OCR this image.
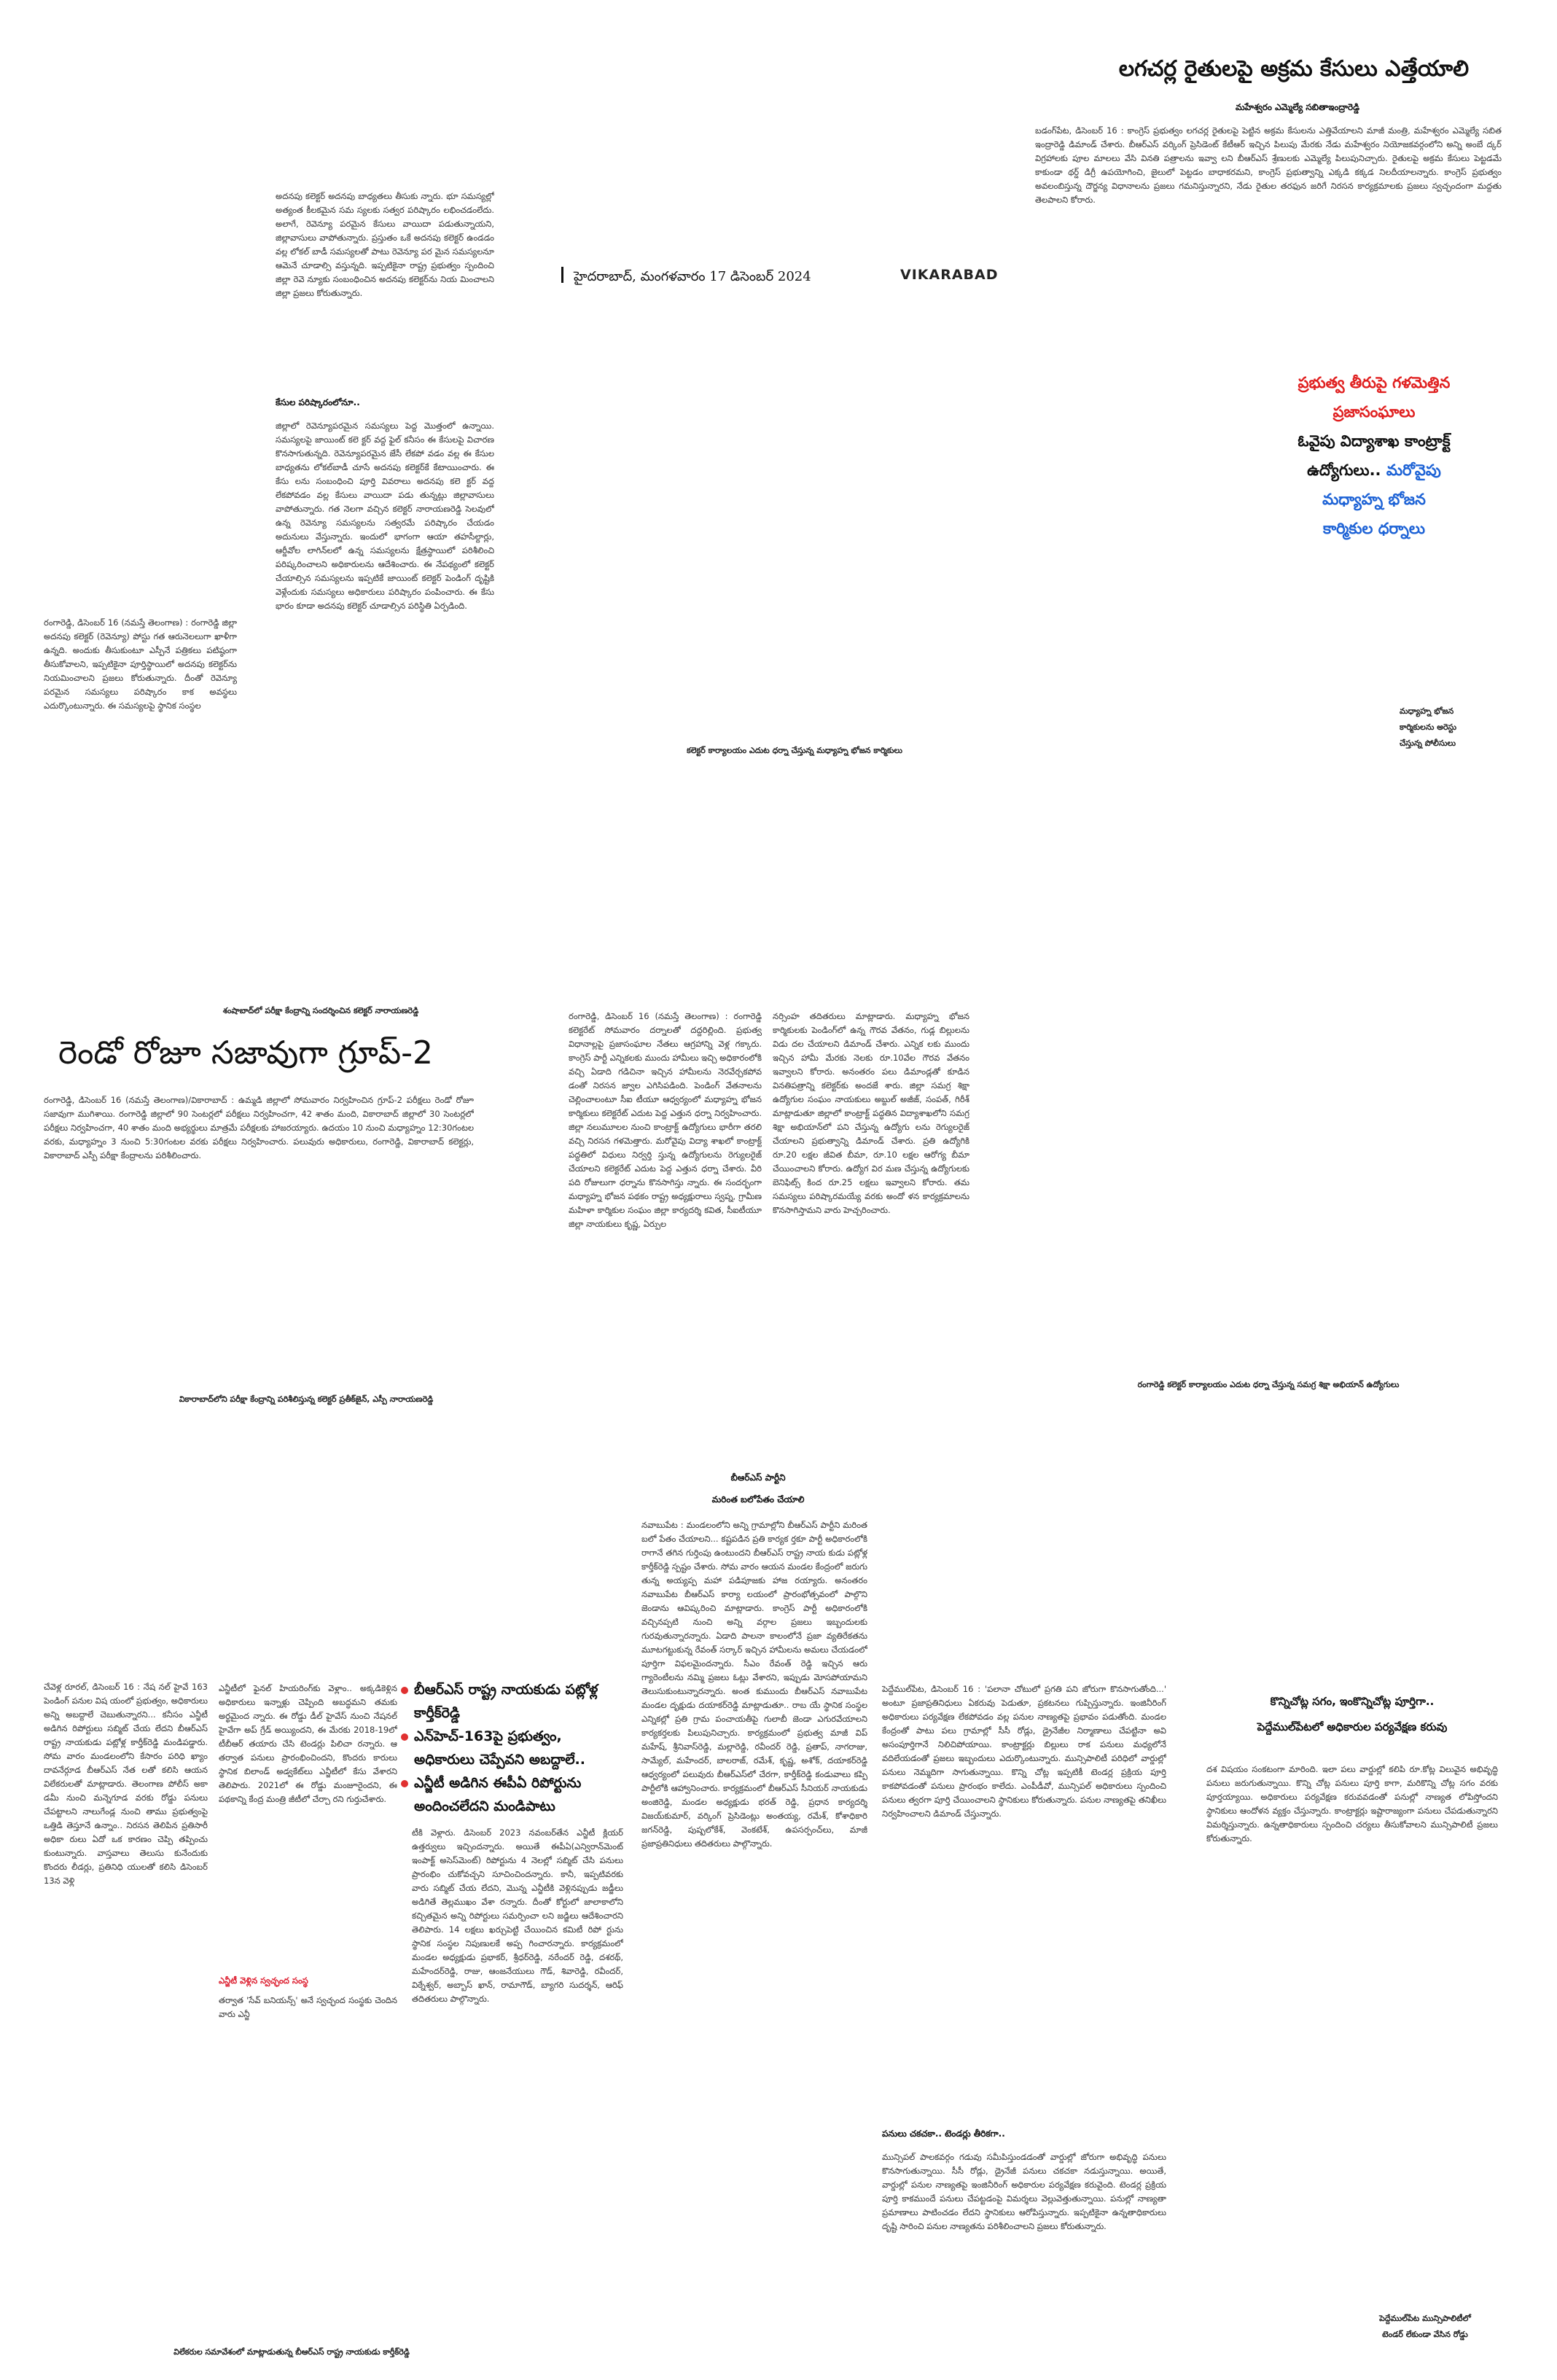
లగచర్ల రైతులపై అక్రమ కేసులు ఎత్తేయాలి
మహేశ్వరం ఎమ్మెల్యే సబితాఇంద్రారెడ్డి
బడంగ్‌పేట, డిసెంబర్ 16 : కాంగ్రెస్ ప్రభుత్వం లగచర్ల రైతులపై పెట్టిన అక్రమ కేసులను ఎత్తివేయాలని మాజీ మంత్రి, మహేశ్వరం ఎమ్మెల్యే సబిత ఇంద్రారెడ్డి డిమాండ్ చేశారు. బీఆర్‌ఎస్ వర్కింగ్ ప్రెసిడెంట్ కేటీఆర్ ఇచ్చిన పిలుపు మేరకు నేడు మహేశ్వరం నియోజకవర్గంలోని అన్ని అంబే ద్కర్ విగ్రహాలకు పూల మాలలు వేసి వినతి పత్రాలను ఇవ్వా లని బీఆర్‌ఎస్ శ్రేణులకు ఎమ్మెల్యే పిలుపునిచ్చారు. రైతులపై అక్రమ కేసులు పెట్టడమే కాకుండా థర్డ్ డిగ్రీ ఉపయోగించి, జైలులో పెట్టడం బాధాకరమని, కాంగ్రెస్ ప్రభుత్వాన్ని ఎక్కడి కక్కడ నిలదీయాలన్నారు. కాంగ్రెస్ ప్రభుత్వం అవలంబిస్తున్న దౌర్జన్య విధానాలను ప్రజలు గమనిస్తున్నారని, నేడు రైతుల తరఫున జరిగే నిరసన కార్యక్రమాలకు ప్రజలు స్వచ్ఛందంగా మద్దతు తెలపాలని కోరారు.
రంగారెడ్డి, డిసెంబర్ 16 (నమస్తే తెలంగాణ) : రంగారెడ్డి జిల్లా అదనపు కలెక్టర్ (రెవెన్యూ) పోస్టు గత ఆరునెలలుగా ఖాళీగా ఉన్నది. అందుకు తీసుకుంటూ ఎస్పీనే పత్రికలు పటిష్ఠంగా తీసుకోవాలని, ఇప్పటికైనా పూర్తిస్థాయిలో అదనపు కలెక్టర్‌ను నియమించాలని ప్రజలు కోరుతున్నారు. దీంతో రెవెన్యూ పరమైన సమస్యలు పరిష్కారం కాక అవస్థలు ఎదుర్కొంటున్నారు. ఈ సమస్యలపై స్థానిక సంస్థల
అదనపు కలెక్టర్ అదనపు బాధ్యతలు తీసుకు న్నారు. భూ సమస్యల్లో అత్యంత కీలకమైన సమ స్యలకు సత్వర పరిష్కారం లభించడంలేదు. అలాగే, రెవెన్యూ పరమైన కేసులు వాయిదా పడుతున్నాయని, జిల్లావాసులు వాపోతున్నారు. ప్రస్తుతం ఒకే అదనపు కలెక్టర్ ఉండడం వల్ల లోకల్ బాడీ సమస్యలతో పాటు రెవెన్యూ పర మైన సమస్యలనూ ఆమెనే చూడాల్సి వస్తున్నది. ఇప్పటికైనా రాష్ట్ర ప్రభుత్వం స్పందించి జిల్లా రెవె న్యూకు సంబంధించిన అదనపు కలెక్టర్‌ను నియ మించాలని జిల్లా ప్రజలు కోరుతున్నారు.
కేసుల పరిష్కారంలోనూ..
జిల్లాలో రెవెన్యూపరమైన సమస్యలు పెద్ద మొత్తంలో ఉన్నాయి. సమస్యలపై జాయింట్ కలె క్టర్ వద్ద ఫైల్ కనీసం ఈ కేసులపై విచారణ కొనసాగుతున్నది. రెవెన్యూపరమైన జేసీ లేకపో వడం వల్ల ఈ కేసుల బాధ్యతను లోకల్‌బాడీ చూసే అదనపు కలెక్టర్‌కే కేటాయించారు. ఈ కేసు లను సంబంధించి పూర్తి వివరాలు అదనపు కలె క్టర్ వద్ద లేకపోవడం వల్ల కేసులు వాయిదా పడు తున్నట్లు జిల్లావాసులు వాపోతున్నారు. గత నెలగా వచ్చిన కలెక్టర్ నారాయణరెడ్డి సెలవులో ఉన్న రెవెన్యూ సమస్యలను సత్వరమే పరిష్కారం చేయడం అదునులు వేస్తున్నారు. ఇందులో భాగంగా ఆయా తహసీల్దార్లు, ఆర్డీవోల లాగిన్‌లలో ఉన్న సమస్యలను క్షేత్రస్థాయిలో పరిశీలించి పరిష్కరించాలని అధికారులను ఆదేశించారు. ఈ నేపథ్యంలో కలెక్టర్ చేయాల్సిన సమస్యలను ఇప్పటికే జాయింట్ కలెక్టర్ పెండింగ్ దృష్టికి వెళ్లేందుకు సమస్యలు అధికారులు పరిష్కారం పంపించారు. ఈ కేసు భారం కూడా అదనపు కలెక్టర్ చూడాల్సిన పరిస్థితి ఏర్పడింది.
హైదరాబాద్, మంగళవారం 17 డిసెంబర్ 2024	VIKARABAD
కలెక్టర్ కార్యాలయం ఎదుట ధర్నా చేస్తున్న మధ్యాహ్న భోజన కార్మికులు
ప్రభుత్వ తీరుపై గళమెత్తిన
ప్రజాసంఘాలు
ఓవైపు విద్యాశాఖ కాంట్రాక్ట్
ఉద్యోగులు.. మరోవైపు
మధ్యాహ్న భోజన
కార్మికుల ధర్నాలు
మధ్యాహ్న భోజన
కార్మికులను అరెస్టు
చేస్తున్న పోలీసులు
శంషాబాద్‌లో పరీక్షా కేంద్రాన్ని సందర్శించిన కలెక్టర్ నారాయణరెడ్డి
రెండో రోజూ సజావుగా గ్రూప్-2
రంగారెడ్డి, డిసెంబర్ 16 (నమస్తే తెలంగాణ)/వికారాబాద్ : ఉమ్మడి జిల్లాలో సోమవారం నిర్వహించిన గ్రూప్-2 పరీక్షలు రెండో రోజూ సజావుగా ముగిశాయి. రంగారెడ్డి జిల్లాలో 90 సెంటర్లలో పరీక్షలు నిర్వహించగా, 42 శాతం మంది, వికారాబాద్ జిల్లాలో 30 సెంటర్లలో పరీక్షలు నిర్వహించగా, 40 శాతం మంది అభ్యర్థులు మాత్రమే పరీక్షలకు హాజరయ్యారు. ఉదయం 10 నుంచి మధ్యాహ్నం 12:30గంటల వరకు, మధ్యాహ్నం 3 నుంచి 5:30గంటల వరకు పరీక్షలు నిర్వహించారు. పలువురు అధికారులు, రంగారెడ్డి, వికారాబాద్ కలెక్టర్లు, వికారాబాద్ ఎస్పీ పరీక్షా కేంద్రాలను పరిశీలించారు.
వికారాబాద్‌లోని పరీక్షా కేంద్రాన్ని పరిశీలిస్తున్న కలెక్టర్ ప్రతీక్‌జైన్, ఎస్పీ నారాయణరెడ్డి
రంగారెడ్డి, డిసెంబర్ 16 (నమస్తే తెలంగాణ) : రంగారెడ్డి కలెక్టరేట్ సోమవారం దర్నాలతో దద్దరిల్లింది. ప్రభుత్వ విధానాల్లపై ప్రజాసంఘాల నేతలు ఆగ్రహాన్ని వెళ్ల గక్కారు. కాంగ్రెస్ పార్టీ ఎన్నికలకు ముందు హామీలు ఇచ్చి అధికారంలోకి వచ్చి ఏడాది గడిచినా ఇచ్చిన హామీలను నెరవేర్చకపోవ డంతో నిరసన జ్వాల ఎగిసిపడింది. పెండింగ్ వేతనాలను చెల్లించాలంటూ సీఐ టీయూ ఆధ్వర్యంలో మధ్యాహ్న భోజన కార్మికులు కలెక్టరేట్ ఎదుట పెద్ద ఎత్తున ధర్నా నిర్వహించారు. జిల్లా నలుమూలల నుంచి కాంట్రాక్ట్ ఉద్యోగులు భారీగా తరలి వచ్చి నిరసన గళమెత్తారు. మరోవైపు విద్యా శాఖలో కాంట్రాక్ట్ పద్ధతిలో విధులు నిర్వర్తి స్తున్న ఉద్యోగులను రెగ్యులరైజ్ చేయాలని కలెక్టరేట్ ఎదుట పెద్ద ఎత్తున ధర్నా చేశారు. వీరి పది రోజులుగా ధర్నాను కొనసాగిస్తు న్నారు. ఈ సందర్భంగా మధ్యాహ్న భోజన పథకం రాష్ట్ర అధ్యక్షురాలు స్వప్న, గ్రామీణ మహిళా కార్మికుల సంఘం జిల్లా కార్యదర్శి కవిత, సీఐటీయూ జిల్లా నాయకులు కృష్ణ, ఏర్పుల
నర్సింహ తదితరులు మాట్లాడారు. మధ్యాహ్న భోజన కార్మికులకు పెండింగ్‌లో ఉన్న గౌరవ వేతనం, గుడ్ల బిల్లులను విడు దల చేయాలని డిమాండ్ చేశారు. ఎన్నిక లకు ముందు ఇచ్చిన హామీ మేరకు నెలకు రూ.10వేల గౌరవ వేతనం ఇవ్వాలని కోరారు. అనంతరం పలు డిమాండ్లతో కూడిన వినతిపత్రాన్ని కలెక్టర్‌కు అందజే శారు. జిల్లా సమగ్ర శిక్షా ఉద్యోగుల సంఘం నాయకులు అబ్దుల్ అజీజ్, సంపత్, గిరీశ్ మాట్లాడుతూ జిల్లాలో కాంట్రాక్ట్ పద్ధతిన విద్యాశాఖలోని సమగ్ర శిక్షా అభియాన్‌లో పని చేస్తున్న ఉద్యోగు లను రెగ్యులరైజ్ చేయాలని ప్రభుత్వాన్ని డిమాండ్ చేశారు. ప్రతి ఉద్యోగికి రూ.20 లక్షల జీవిత బీమా, రూ.10 లక్షల ఆరోగ్య బీమా చేయించాలని కోరారు. ఉద్యోగ విర మణ చేస్తున్న ఉద్యోగులకు బెనిఫిట్స్ కింద రూ.25 లక్షలు ఇవ్వాలని కోరారు. తమ సమస్యలు పరిష్కారమయ్యే వరకు అందో ళన కార్యక్రమాలను కొనసాగిస్తామని వారు హెచ్చరించారు.
రంగారెడ్డి కలెక్టర్ కార్యాలయం ఎదుట ధర్నా చేస్తున్న సమగ్ర శిక్షా అభియాన్ ఉద్యోగులు
చేవెళ్ల రూరల్, డిసెంబర్ 16 : నేష నల్ హైవే 163 పెండింగ్ పనుల విష యంలో ప్రభుత్వం, అధికారులు అన్ని అబద్దాలే చెబుతున్నారని... కనీసం ఎన్జీటీ అడిగిన రిపోర్టులు సబ్మిట్ చేయ లేదని బీఆర్‌ఎస్ రాష్ట్ర నాయకుడు పట్లోళ్ల కార్తీక్‌రెడ్డి మండిపడ్డారు. సోమ వారం మండలంలోని కేసారం పరిధి ఖ్యాం దావనేర్గూడ బీఆర్‌ఎస్ నేత లతో కలిసి ఆయన విలేకరులతో మాట్లాడారు. తెలంగాణ పోలీస్ అకా డమీ నుంచి మన్నెగూడ వరకు రోడ్డు పనులు చేపట్టాలని నాలుగేండ్ల నుంచి తాము ప్రభుత్వంపై ఒత్తిడి తెస్తూనే ఉన్నాం.. నిరసన తెలిపిన ప్రతిసారీ అధికా రులు ఏదో ఒక కారణం చెప్పి తప్పించు కుంటున్నారు. వాస్తవాలు తెలుసు కునేందుకు కొందరు లీడర్లు, ప్రతినిధి యులతో కలిసి డిసెంబర్ 13న వెళ్లి
ఎన్జీటీలో ఫైనల్ హియరింగ్‌కు వెళ్లాం.. అక్కడికెళ్లిన అధికారులు ఇన్నాళ్లు చెప్పింది అబద్ధమని తమకు అర్థమైంద న్నారు. ఈ రోడ్డు డీల్ హైవేస్ నుంచి నేషనల్ హైవేగా అప్ గ్రేడ్ అయ్యిందని, ఈ మేరకు 2018-19లో టీబీఆర్ తయారు చేసి టెండర్లు పిలిచా రన్నారు. ఆ తర్వాత పనులు ప్రారంభించిందని, కొందరు కారులు స్థానిక బిలాండ్ అడ్వకేట్‌లు ఎన్జీటీలో కేసు వేశారని తెలిపారు. 2021లో ఈ రోడ్డు మంజూరైందని, ఈ పథకాన్ని కేంద్ర మంత్రి జీటీలో చేర్చా రని గుర్తుచేశారు.
ఎన్జీటీ వెళ్లిన స్వచ్ఛంద సంస్థ
తర్వాత 'సేవ్ బనియన్స్' అనే స్వచ్ఛంద సంస్థకు చెందిన వారు ఎన్జీ
బీఆర్‌ఎస్ రాష్ట్ర నాయకుడు పట్లోళ్ల కార్తీక్‌రెడ్డి
ఎన్‌హెచ్-163పై ప్రభుత్వం, అధికారులు చెప్పేవని అబద్దాలే..
ఎన్జీటీ అడిగిన ఈపీఏ రిపోర్టును అందించలేదని మండిపాటు
టీకి వెళ్లారు. డిసెంబర్ 2023 నవంబర్‌తేన ఎన్జీటీ క్లియర్ ఉత్తర్వులు ఇచ్చిందన్నారు. అయితే ఈపీఏ(ఎన్విరాన్‌మెంట్ ఇంపాక్ట్ అసెస్‌మెంట్) రిపోర్టును 4 నెలల్లో సబ్మిట్ చేసి పనులు ప్రారంభిం చుకోవచ్చని సూచించిందన్నారు. కానీ, ఇప్పటివరకు వారు సబ్మిట్ చేయ లేదని, మొన్న ఎన్జీటీకి వెళ్లినప్పుడు జడ్జీలు అడిగితే తెల్లముఖం వేశా రన్నారు. దీంతో కోర్టులో జాలాకాలోని కచ్చితమైన అన్ని రిపోర్టులు సమర్పించా లని జడ్జిలు ఆదేశించారని తెలిపారు. 14 లక్షలు ఖర్చుపెట్టి చేయించిన కమిటీ రిపో ర్టును స్థానిక సంస్థల నిపుణులకే అప్ప గించారన్నారు. కార్యక్రమంలో మండల అధ్యక్షుడు ప్రభాకర్, శ్రీధర్‌రెడ్డి, నరేందర్ రెడ్డి, దశరథ్, మహేందర్‌రెడ్డి, రాజు, ఆంజనేయులు గౌడ్, శివారెడ్డి, రవీందర్, విఠ్నేశ్వర్, అబ్బాస్ ఖాన్, రామాగౌడ్, బ్యాగరి సుదర్శన్, ఆరిఫ్ తదితరులు పాల్గొన్నారు.
విలేకరుల సమావేశంలో మాట్లాడుతున్న బీఆర్‌ఎస్ రాష్ట్ర నాయకుడు కార్తీక్‌రెడ్డి
బీఆర్‌ఎస్ పార్టీని
మరింత బలోపేతం చేయాలి
నవాబుపేట : మండలంలోని అన్ని గ్రామాల్లోని బీఆర్‌ఎస్ పార్టీని మరింత బలో పేతం చేయాలని... కష్టపడిన ప్రతి కార్యక ర్తకూ పార్టీ అధికారంలోకి రాగానే తగిన గుర్తింపు ఉంటుందని బీఆర్‌ఎస్ రాష్ట్ర నాయ కుడు పట్లోళ్ల కార్తీక్‌రెడ్డి స్పష్టం చేశారు. సోమ వారం ఆయన మండల కేంద్రంలో జరుగు తున్న అయ్యప్ప మహా పడిపూజకు హాజ రయ్యారు. అనంతరం నవాబుపేట బీఆర్‌ఎస్ కార్యా లయంలో ప్రారంభోత్సవంలో పాల్గొని జెండాను ఆవిష్కరించి మాట్లాడారు. కాంగ్రెస్ పార్టీ అధికారంలోకి వచ్చినప్పటి నుంచి అన్ని వర్గాల ప్రజలు ఇబ్బందులకు గురవుతున్నారన్నారు. ఏడాది పాలనా కాలంలోనే ప్రజా వ్యతిరేకతను మూటగట్టుకున్న రేవంత్ సర్కార్ ఇచ్చిన హామీలను అమలు చేయడంలో పూర్తిగా విఫలమైందన్నారు. సీఎం రేవంత్ రెడ్డి ఇచ్చిన ఆరు గ్యారెంటీలను నమ్మి ప్రజలు ఓట్లు వేశారని, ఇప్పుడు మోసపోయామని తెలుసుకుంటున్నారన్నారు. అంత కుముందు బీఆర్‌ఎస్ నవాబుపేట మండల దృక్షుడు దయాకర్‌రెడ్డి మాట్లాడుతూ.. రాబ యే స్థానిక సంస్థల ఎన్నికల్లో ప్రతి గ్రామ పంచాయతీపై గులాబీ జెండా ఎగురవేయాలని కార్యకర్తలకు పిలుపునిచ్చారు. కార్యక్రమంలో ప్రభుత్వ మాజీ విప్ మహేష్, శ్రీనివాస్‌రెడ్డి, మల్లారెడ్డి, రవీందర్ రెడ్డి, ప్రతాప్, నాగరాజు, సామ్యేల్, మహేందర్, బాలరాజ్, రమేశ్, కృష్ణ, అశోక్, దయాకర్‌రెడ్డి ఆధ్వర్యంలో పలువురు బీఆర్‌ఎస్‌లో చేరగా, కార్తీక్‌రెడ్డి కండువాలు కప్పి పార్టీలోకి ఆహ్వానించారు. కార్యక్రమంలో బీఆర్‌ఎస్ సీనియర్ నాయకుడు అంజిరెడ్డి, మండల అధ్యక్షుడు భరత్ రెడ్డి, ప్రధాన కార్యదర్శి విజయ్‌కుమార్, వర్కింగ్ ప్రెసిడెంట్లు అంతయ్య, రమేశ్, కోశాధికారి జగన్‌రెడ్డి, పుష్పలోకేశ్, వెంకటేశ్, ఉపసర్పంచ్‌లు, మాజీ ప్రజాప్రతినిధులు తదితరులు పాల్గొన్నారు.
పెద్దేముల్‌పేట, డిసెంబర్ 16 : 'పలానా చోటులో ప్రగతి పని జోరుగా కొనసాగుతోంది...' అంటూ ప్రజాప్రతినిధులు ఏకరువు పెడుతూ, ప్రకటనలు గుప్పిస్తున్నారు. ఇంజినీరింగ్ అధికారులు పర్యవేక్షణ లేకపోవడం వల్ల పనుల నాణ్యతపై ప్రభావం పడుతోంది. మండల కేంద్రంతో పాటు పలు గ్రామాల్లో సీసీ రోడ్లు, డ్రైనేజీల నిర్మాణాలు చేపట్టినా అవి అసంపూర్తిగానే నిలిచిపోయాయి. కాంట్రాక్టర్లు బిల్లులు రాక పనులు మధ్యలోనే వదిలేయడంతో ప్రజలు ఇబ్బందులు ఎదుర్కొంటున్నారు. మున్సిపాలిటీ పరిధిలో వార్డుల్లో పనులు నెమ్మదిగా సాగుతున్నాయి. కొన్ని చోట్ల ఇప్పటికీ టెండర్ల ప్రక్రియ పూర్తి కాకపోవడంతో పనులు ప్రారంభం కాలేదు. ఎంపీడీవో, మున్సిపల్ అధికారులు స్పందించి పనులు త్వరగా పూర్తి చేయించాలని స్థానికులు కోరుతున్నారు. పనుల నాణ్యతపై తనిఖీలు నిర్వహించాలని డిమాండ్ చేస్తున్నారు.
పనులు చకచకా.. టెండర్లు తీరికగా..
మున్సిపల్ పాలకవర్గం గడువు సమీపిస్తుండడంతో వార్డుల్లో జోరుగా అభివృద్ధి పనులు కొనసాగుతున్నాయి. సీసీ రోడ్లు, డ్రైనేజీ పనులు చకచకా నడుస్తున్నాయి. అయితే, వార్డుల్లో పనుల నాణ్యతపై ఇంజినీరింగ్ అధికారుల పర్యవేక్షణ కరువైంది. టెండర్ల ప్రక్రియ పూర్తి కాకముందే పనులు చేపట్టడంపై విమర్శలు వెల్లువెత్తుతున్నాయి. పనుల్లో నాణ్యతా ప్రమాణాలు పాటించడం లేదని స్థానికులు ఆరోపిస్తున్నారు. ఇప్పటికైనా ఉన్నతాధికారులు దృష్టి సారించి పనుల నాణ్యతను పరిశీలించాలని ప్రజలు కోరుతున్నారు.
కొన్నిచోట్ల సగం, ఇంకొన్నిచోట్ల పూర్తిగా..
పెద్దేముల్‌పేటలో అధికారుల పర్యవేక్షణ కరువు
దశ విషయం సంకటంగా మారింది. ఇలా పలు వార్డుల్లో కలిపి రూ.కోట్ల విలువైన అభివృద్ధి పనులు జరుగుతున్నాయి. కొన్ని చోట్ల పనులు పూర్తి కాగా, మరికొన్ని చోట్ల సగం వరకు పూర్తయ్యాయి. అధికారులు పర్యవేక్షణ కరువవడంతో పనుల్లో నాణ్యత లోపిస్తోందని స్థానికులు ఆందోళన వ్యక్తం చేస్తున్నారు. కాంట్రాక్టర్లు ఇష్టారాజ్యంగా పనులు చేపడుతున్నారని విమర్శిస్తున్నారు. ఉన్నతాధికారులు స్పందించి చర్యలు తీసుకోవాలని మున్సిపాలిటీ ప్రజలు కోరుతున్నారు.
పెద్దేముల్‌పేట మున్సిపాలిటీలో
టెండర్ లేకుండా వేసిన రోడ్డు
